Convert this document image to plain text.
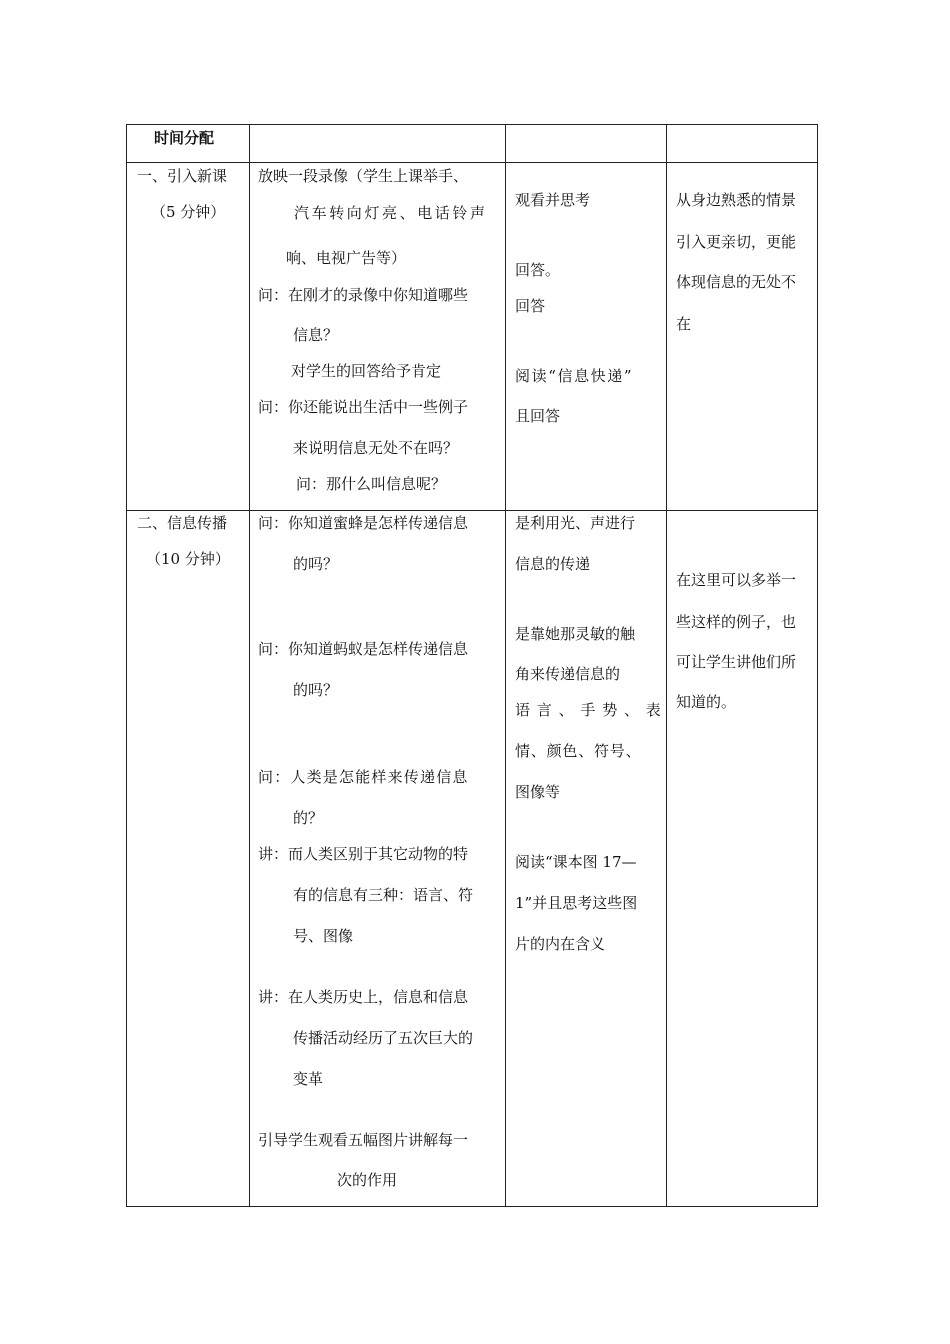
时间分配
一、引入新课
（5 分钟）
放映一段录像（学生上课举手、
汽车转向灯亮、电话铃声
响、电视广告等）
问：在刚才的录像中你知道哪些
信息？
对学生的回答给予肯定
问：你还能说出生活中一些例子
来说明信息无处不在吗？
问：那什么叫信息呢？
观看并思考
回答。
回答
阅读“信息快递”
且回答
从身边熟悉的情景
引入更亲切，更能
体现信息的无处不
在
二、信息传播
（10 分钟）
问：你知道蜜蜂是怎样传递信息
的吗？
问：你知道蚂蚁是怎样传递信息
的吗？
问：人类是怎能样来传递信息
的？
讲：而人类区别于其它动物的特
有的信息有三种：语言、符
号、图像
讲：在人类历史上，信息和信息
传播活动经历了五次巨大的
变革
引导学生观看五幅图片讲解每一
次的作用
是利用光、声进行
信息的传递
是靠她那灵敏的触
角来传递信息的
语言、手势、表
情、颜色、符号、
图像等
阅读“课本图 17—
1”并且思考这些图
片的内在含义
在这里可以多举一
些这样的例子，也
可让学生讲他们所
知道的。
